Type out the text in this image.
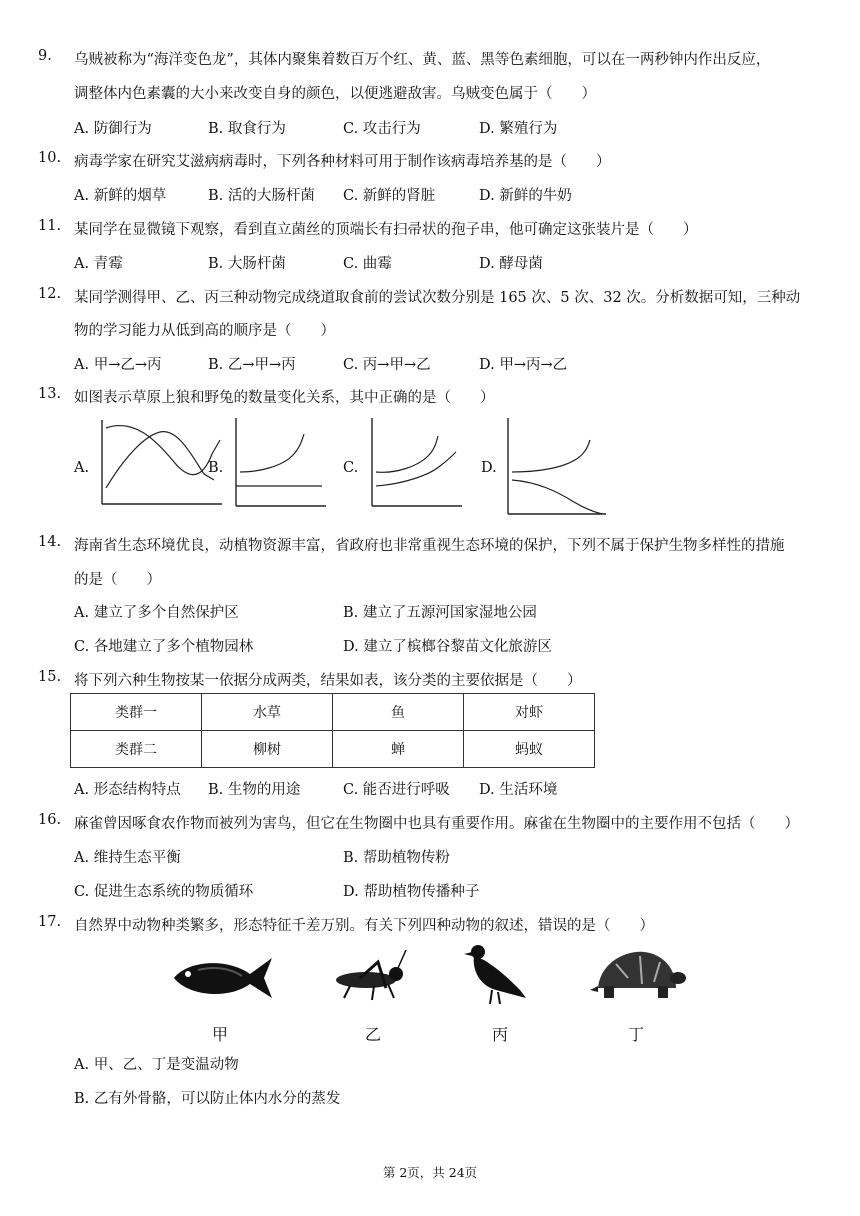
9. 乌贼被称为“海洋变色龙”，其体内聚集着数百万个红、黄、蓝、黑等色素细胞，可以在一两秒钟内作出反应，
调整体内色素囊的大小来改变自身的颜色，以便逃避敌害。乌贼变色属于（　　）
A. 防御行为	B. 取食行为	C. 攻击行为	D. 繁殖行为
10. 病毒学家在研究艾滋病病毒时，下列各种材料可用于制作该病毒培养基的是（　　）
A. 新鲜的烟草	B. 活的大肠杆菌 C. 新鲜的肾脏	D. 新鲜的牛奶
11. 某同学在显微镜下观察，看到直立菌丝的顶端长有扫帚状的孢子串，他可确定这张装片是（　　）
A. 青霉	B. 大肠杆菌	C. 曲霉	D. 酵母菌
12. 某同学测得甲、乙、丙三种动物完成绕道取食前的尝试次数分别是 165 次、5 次、32 次。分析数据可知，三种动
物的学习能力从低到高的顺序是（　　）
A. 甲→乙→丙	B. 乙→甲→丙	C. 丙→甲→乙	D. 甲→丙→乙
13. 如图表示草原上狼和野兔的数量变化关系，其中正确的是（　　）
A.	B.	C.	D.
14. 海南省生态环境优良，动植物资源丰富，省政府也非常重视生态环境的保护，下列不属于保护生物多样性的措施
的是（　　）
A. 建立了多个自然保护区	B. 建立了五源河国家湿地公园
C. 各地建立了多个植物园林	D. 建立了槟榔谷黎苗文化旅游区
15. 将下列六种生物按某一依据分成两类，结果如表，该分类的主要依据是（　　）
类群一	水草	鱼	对虾
类群二	柳树	蝉	蚂蚁
A. 形态结构特点 B. 生物的用途	C. 能否进行呼吸 D. 生活环境
16. 麻雀曾因啄食农作物而被列为害鸟，但它在生物圈中也具有重要作用。麻雀在生物圈中的主要作用不包括（　　）
A. 维持生态平衡	B. 帮助植物传粉
C. 促进生态系统的物质循环	D. 帮助植物传播种子
17. 自然界中动物种类繁多，形态特征千差万别。有关下列四种动物的叙述，错误的是（　　）
甲	乙	丙	丁
A. 甲、乙、丁是变温动物
B. 乙有外骨骼，可以防止体内水分的蒸发
第 2页，共 24页
